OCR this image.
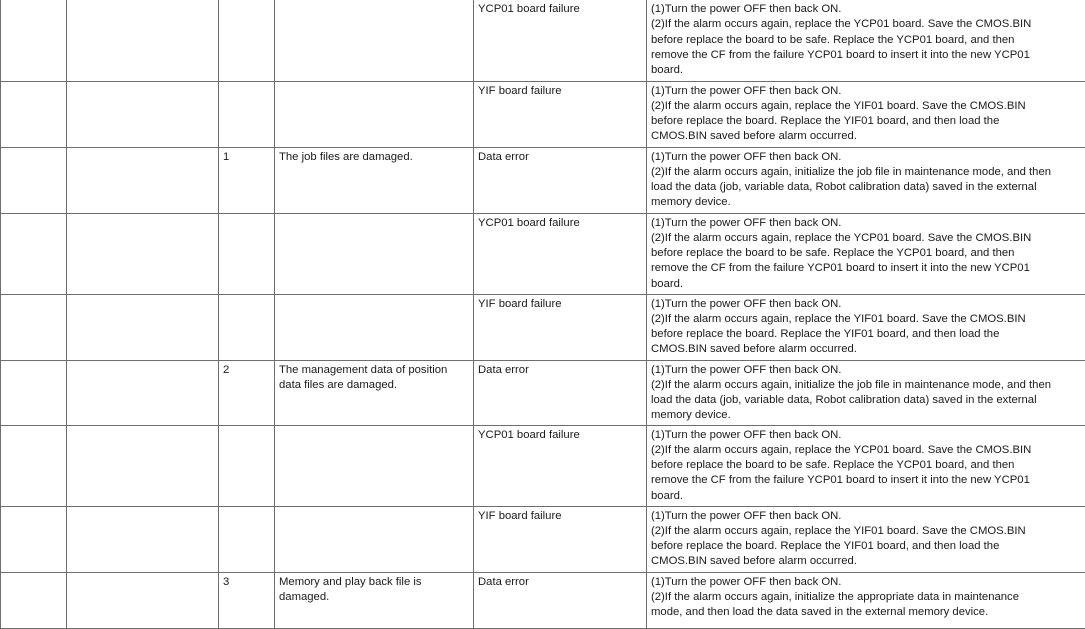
				YCP01 board failure	(1)Turn the power OFF then back ON.
(2)If the alarm occurs again, replace the YCP01 board. Save the CMOS.BIN
before replace the board to be safe. Replace the YCP01 board, and then
remove the CF from the failure YCP01 board to insert it into the new YCP01
board.

				YIF board failure	(1)Turn the power OFF then back ON.
(2)If the alarm occurs again, replace the YIF01 board. Save the CMOS.BIN
before replace the board. Replace the YIF01 board, and then load the
CMOS.BIN saved before alarm occurred.

		1	The job files are damaged.	Data error	(1)Turn the power OFF then back ON.
(2)If the alarm occurs again, initialize the job file in maintenance mode, and then
load the data (job, variable data, Robot calibration data) saved in the external
memory device.

				YCP01 board failure	(1)Turn the power OFF then back ON.
(2)If the alarm occurs again, replace the YCP01 board. Save the CMOS.BIN
before replace the board to be safe. Replace the YCP01 board, and then
remove the CF from the failure YCP01 board to insert it into the new YCP01
board.

				YIF board failure	(1)Turn the power OFF then back ON.
(2)If the alarm occurs again, replace the YIF01 board. Save the CMOS.BIN
before replace the board. Replace the YIF01 board, and then load the
CMOS.BIN saved before alarm occurred.

		2	The management data of position data files are damaged.	Data error	(1)Turn the power OFF then back ON.
(2)If the alarm occurs again, initialize the job file in maintenance mode, and then
load the data (job, variable data, Robot calibration data) saved in the external
memory device.

				YCP01 board failure	(1)Turn the power OFF then back ON.
(2)If the alarm occurs again, replace the YCP01 board. Save the CMOS.BIN
before replace the board to be safe. Replace the YCP01 board, and then
remove the CF from the failure YCP01 board to insert it into the new YCP01
board.

				YIF board failure	(1)Turn the power OFF then back ON.
(2)If the alarm occurs again, replace the YIF01 board. Save the CMOS.BIN
before replace the board. Replace the YIF01 board, and then load the
CMOS.BIN saved before alarm occurred.

		3	Memory and play back file is damaged.	Data error	(1)Turn the power OFF then back ON.
(2)If the alarm occurs again, initialize the appropriate data in maintenance
mode, and then load the data saved in the external memory device.
